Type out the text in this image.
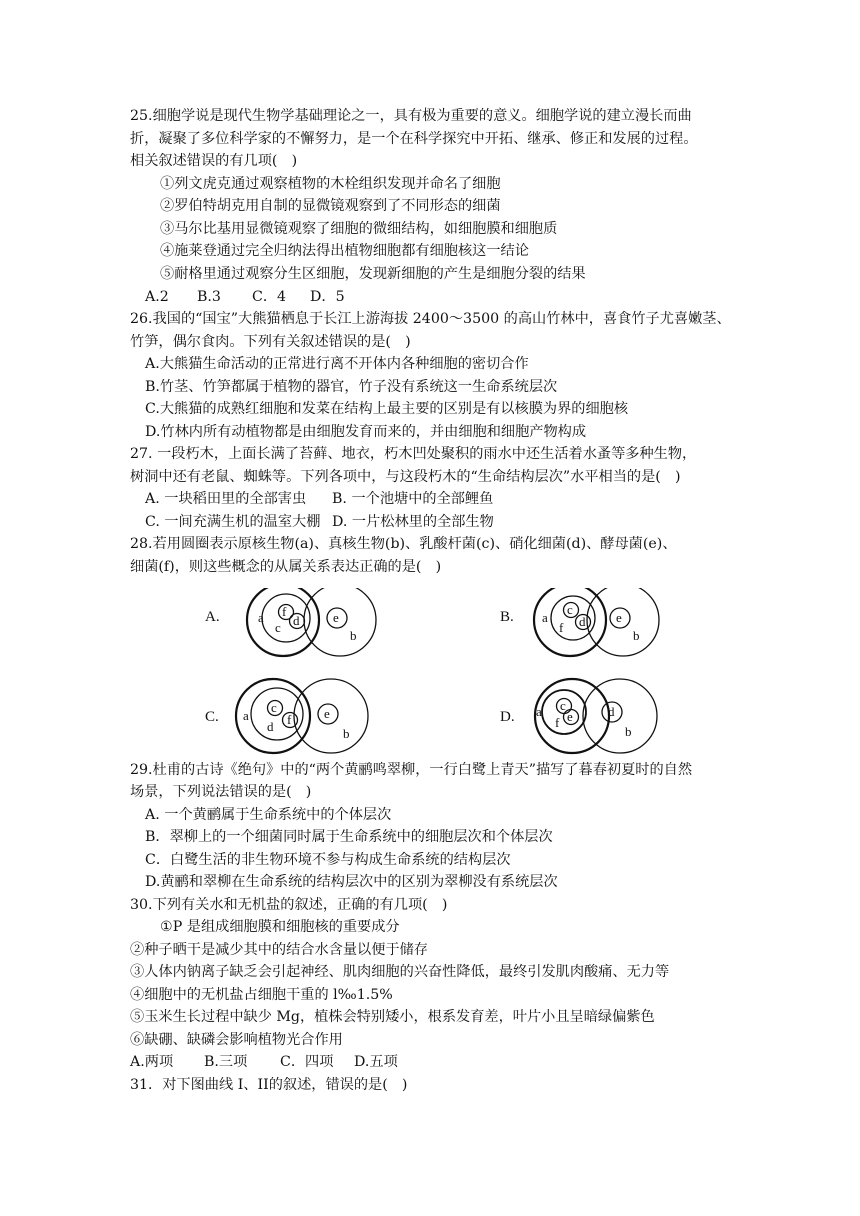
25.细胞学说是现代生物学基础理论之一，具有极为重要的意义。细胞学说的建立漫长而曲
折，凝聚了多位科学家的不懈努力，是一个在科学探究中开拓、继承、修正和发展的过程。
相关叙述错误的有几项(　)
①列文虎克通过观察植物的木栓组织发现并命名了细胞
②罗伯特胡克用自制的显微镜观察到了不同形态的细菌
③马尔比基用显微镜观察了细胞的微细结构，如细胞膜和细胞质
④施莱登通过完全归纳法得出植物细胞都有细胞核这一结论
⑤耐格里通过观察分生区细胞，发现新细胞的产生是细胞分裂的结果
A.2 B.3 C．4 D．5
26.我国的“国宝”大熊猫栖息于长江上游海拔 2400～3500 的高山竹林中，喜食竹子尤喜嫩茎、
竹笋，偶尔食肉。下列有关叙述错误的是(　)
A.大熊猫生命活动的正常进行离不开体内各种细胞的密切合作
B.竹茎、竹笋都属于植物的器官，竹子没有系统这一生命系统层次
C.大熊猫的成熟红细胞和发菜在结构上最主要的区别是有以核膜为界的细胞核
D.竹林内所有动植物都是由细胞发育而来的，并由细胞和细胞产物构成
27. 一段朽木，上面长满了苔藓、地衣，朽木凹处聚积的雨水中还生活着水蚤等多种生物，
树洞中还有老鼠、蜘蛛等。下列各项中，与这段朽木的“生命结构层次”水平相当的是(　)
A. 一块稻田里的全部害虫 B. 一个池塘中的全部鲤鱼
C. 一间充满生机的温室大棚 D. 一片松林里的全部生物
28.若用圆圈表示原核生物(a)、真核生物(b)、乳酸杆菌(c)、硝化细菌(d)、酵母菌(e)、
细菌(f)，则这些概念的从属关系表达正确的是(　)
A.	B.
C.	D.
a f
c d	e
b
a
c
f d e
b
a
c
d f	e
b
a c
f e	d
b
29.杜甫的古诗《绝句》中的“两个黄鹂鸣翠柳，一行白鹭上青天”描写了暮春初夏时的自然
场景，下列说法错误的是(　)
A. 一个黄鹂属于生命系统中的个体层次
B．翠柳上的一个细菌同时属于生命系统中的细胞层次和个体层次
C．白鹭生活的非生物环境不参与构成生命系统的结构层次
D.黄鹂和翠柳在生命系统的结构层次中的区别为翠柳没有系统层次
30.下列有关水和无机盐的叙述，正确的有几项(　)
①P 是组成细胞膜和细胞核的重要成分
②种子晒干是减少其中的结合水含量以便于储存
③人体内钠离子缺乏会引起神经、肌肉细胞的兴奋性降低，最终引发肌肉酸痛、无力等
④细胞中的无机盐占细胞干重的 l‰1.5%
⑤玉米生长过程中缺少 Mg，植株会特别矮小，根系发育差，叶片小且呈暗绿偏紫色
⑥缺硼、缺磷会影响植物光合作用
A.两项 B.三项 C．四项 D.五项
31．对下图曲线 I、II的叙述，错误的是(　)
